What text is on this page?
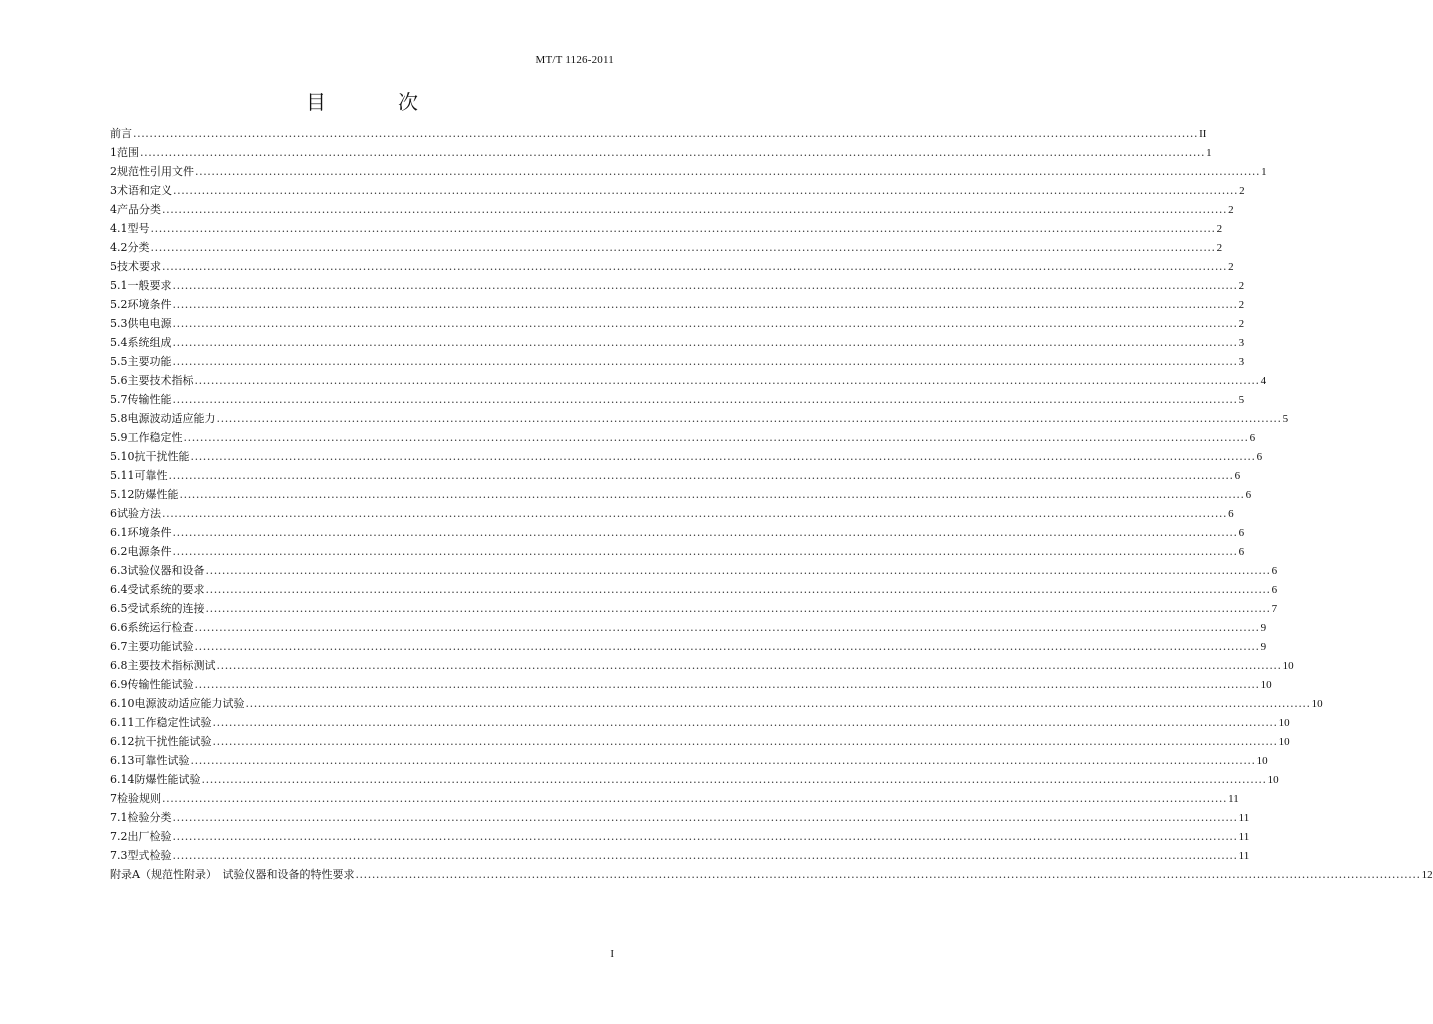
MT/T 1126-2011
目　次
前言 .................................................................................................................................................................................................................................................................... II
1 范围 .................................................................................................................................................................................................................................................................... 1
2 规范性引用文件 .................................................................................................................................................................................................................................................................... 1
3 术语和定义 .................................................................................................................................................................................................................................................................... 2
4 产品分类 .................................................................................................................................................................................................................................................................... 2
4.1 型号 .................................................................................................................................................................................................................................................................... 2
4.2 分类 .................................................................................................................................................................................................................................................................... 2
5 技术要求 .................................................................................................................................................................................................................................................................... 2
5.1 一般要求 .................................................................................................................................................................................................................................................................... 2
5.2 环境条件 .................................................................................................................................................................................................................................................................... 2
5.3 供电电源 .................................................................................................................................................................................................................................................................... 2
5.4 系统组成 .................................................................................................................................................................................................................................................................... 3
5.5 主要功能 .................................................................................................................................................................................................................................................................... 3
5.6 主要技术指标 .................................................................................................................................................................................................................................................................... 4
5.7 传输性能 .................................................................................................................................................................................................................................................................... 5
5.8 电源波动适应能力 .................................................................................................................................................................................................................................................................... 5
5.9 工作稳定性 .................................................................................................................................................................................................................................................................... 6
5.10 抗干扰性能 .................................................................................................................................................................................................................................................................... 6
5.11 可靠性 .................................................................................................................................................................................................................................................................... 6
5.12 防爆性能 .................................................................................................................................................................................................................................................................... 6
6 试验方法 .................................................................................................................................................................................................................................................................... 6
6.1 环境条件 .................................................................................................................................................................................................................................................................... 6
6.2 电源条件 .................................................................................................................................................................................................................................................................... 6
6.3 试验仪器和设备 .................................................................................................................................................................................................................................................................... 6
6.4 受试系统的要求 .................................................................................................................................................................................................................................................................... 6
6.5 受试系统的连接 .................................................................................................................................................................................................................................................................... 7
6.6 系统运行检查 .................................................................................................................................................................................................................................................................... 9
6.7 主要功能试验 .................................................................................................................................................................................................................................................................... 9
6.8 主要技术指标测试 .................................................................................................................................................................................................................................................................... 10
6.9 传输性能试验 .................................................................................................................................................................................................................................................................... 10
6.10 电源波动适应能力试验 .................................................................................................................................................................................................................................................................... 10
6.11 工作稳定性试验 .................................................................................................................................................................................................................................................................... 10
6.12 抗干扰性能试验 .................................................................................................................................................................................................................................................................... 10
6.13 可靠性试验 .................................................................................................................................................................................................................................................................... 10
6.14 防爆性能试验 .................................................................................................................................................................................................................................................................... 10
7 检验规则 .................................................................................................................................................................................................................................................................... 11
7.1 检验分类 .................................................................................................................................................................................................................................................................... 11
7.2 出厂检验 .................................................................................................................................................................................................................................................................... 11
7.3 型式检验 .................................................................................................................................................................................................................................................................... 11
附录A（规范性附录）　试验仪器和设备的特性要求 .................................................................................................................................................................................................................................................................... 12
I
